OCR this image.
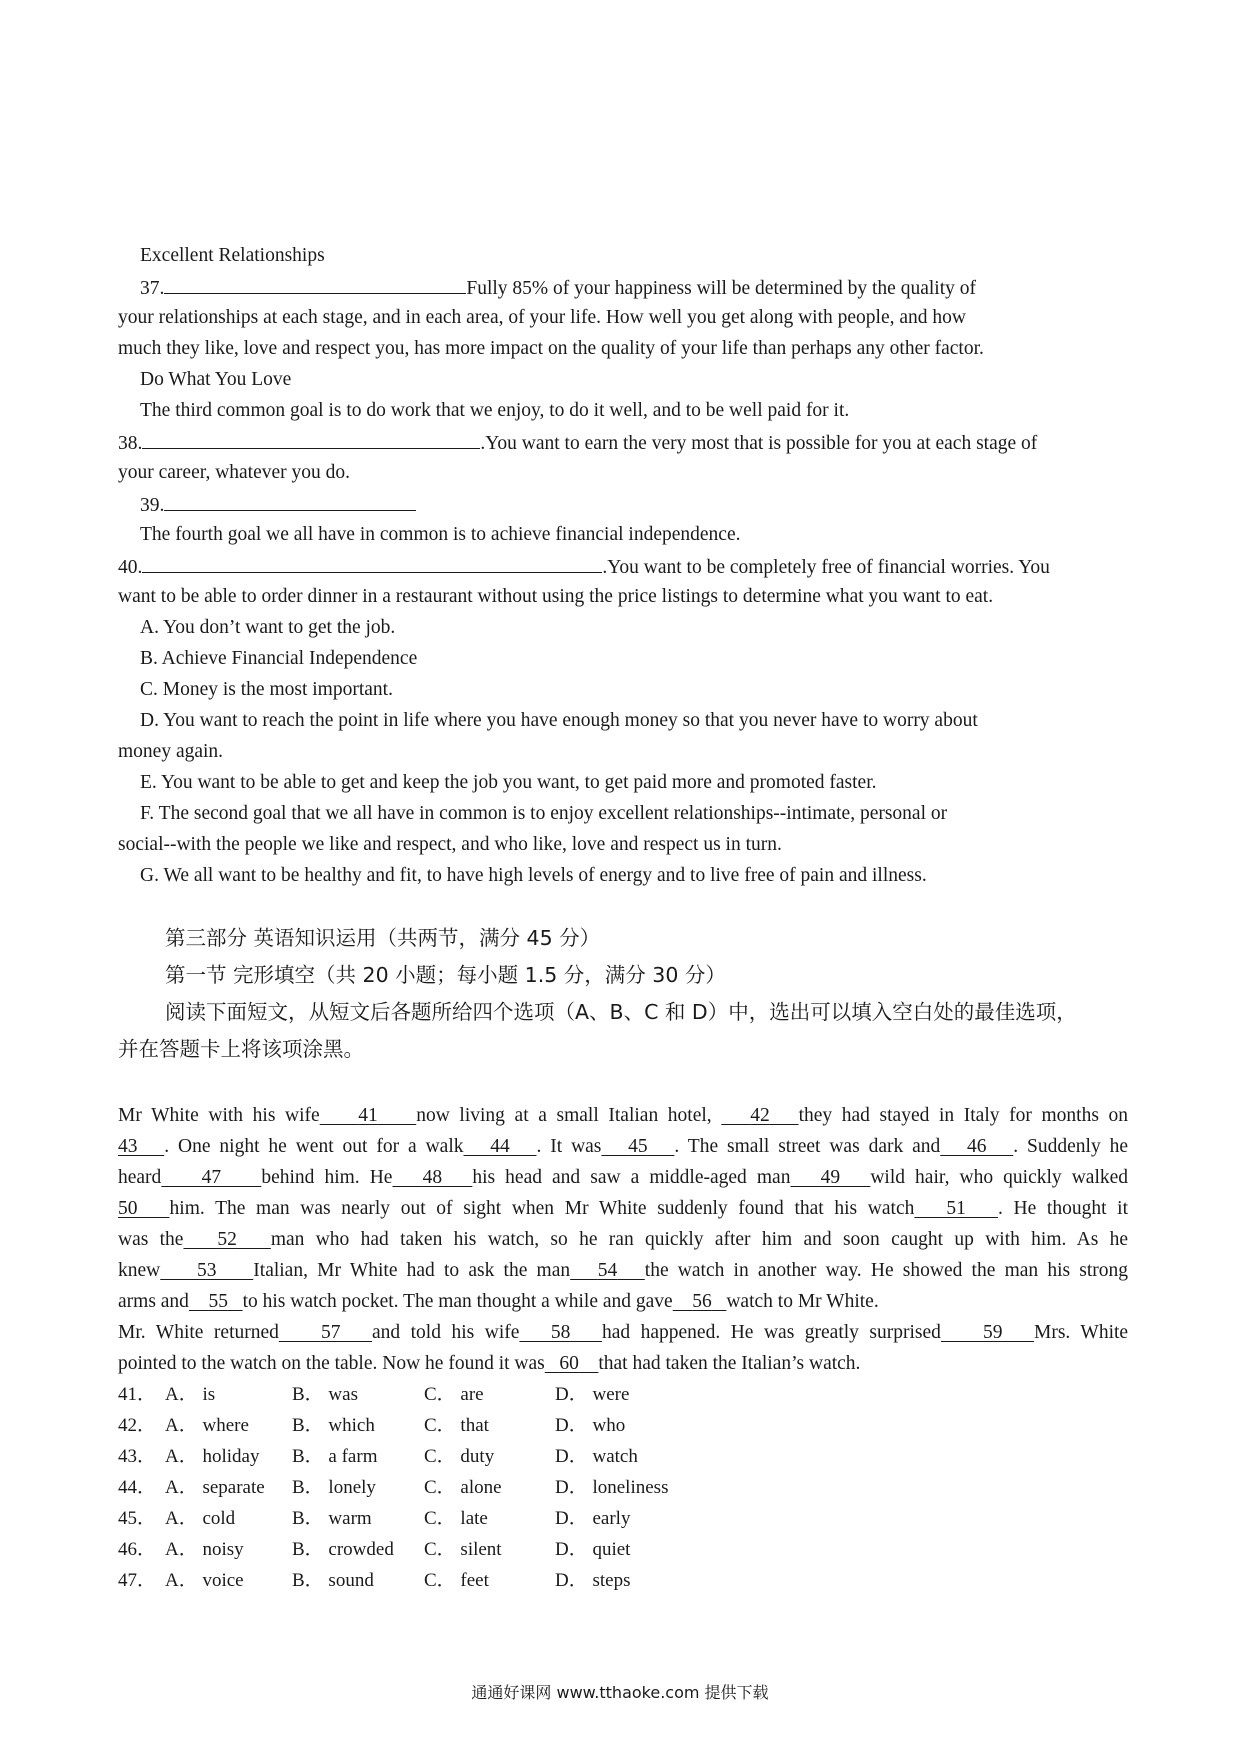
Excellent Relationships
37.	Fully 85% of your happiness will be determined by the quality of
your relationships at each stage, and in each area, of your life. How well you get along with people, and how
much they like, love and respect you, has more impact on the quality of your life than perhaps any other factor.
Do What You Love
The third common goal is to do work that we enjoy, to do it well, and to be well paid for it.
38.	.You want to earn the very most that is possible for you at each stage of
your career, whatever you do.
39.
The fourth goal we all have in common is to achieve financial independence.
40.	.You want to be completely free of financial worries. You
want to be able to order dinner in a restaurant without using the price listings to determine what you want to eat.
A. You don’t want to get the job.
B. Achieve Financial Independence
C. Money is the most important.
D. You want to reach the point in life where you have enough money so that you never have to worry about
money again.
E. You want to be able to get and keep the job you want, to get paid more and promoted faster.
F. The second goal that we all have in common is to enjoy excellent relationships--intimate, personal or
social--with the people we like and respect, and who like, love and respect us in turn.
G. We all want to be healthy and fit, to have high levels of energy and to live free of pain and illness.
第三部分 英语知识运用（共两节，满分 45 分）
第一节 完形填空（共 20 小题；每小题 1.5 分，满分 30 分）
阅读下面短文，从短文后各题所给四个选项（A、B、C 和 D）中，选出可以填入空白处的最佳选项，
并在答题卡上将该项涂黑。
Mr White with his wife 41 now living at a small Italian hotel, 42 they had stayed in Italy for months on
43 . One night he went out for a walk 44 . It was 45 . The small street was dark and 46 . Suddenly he
heard 47 behind him. He 48 his head and saw a middle-aged man 49 wild hair, who quickly walked
50 him. The man was nearly out of sight when Mr White suddenly found that his watch 51 . He thought it
was the 52 man who had taken his watch, so he ran quickly after him and soon caught up with him. As he
knew 53 Italian, Mr White had to ask the man 54 the watch in another way. He showed the man his strong
arms and 55 to his watch pocket. The man thought a while and gave 56 watch to Mr White.
Mr. White returned 57 and told his wife 58 had happened. He was greatly surprised 59 Mrs. White
pointed to the watch on the table. Now he found it was 60 that had taken the Italian’s watch.
41． A． is	B． was	C． are	D． were
42． A． where B． which	C． that	D． who
43． A． holiday B． a farm C． duty	D． watch
44． A． separate B． lonely	C． alone	D． loneliness
45． A． cold	B． warm	C． late	D． early
46． A． noisy	B． crowded C． silent	D． quiet
47． A． voice	B． sound	C． feet	D． steps
通通好课网 www.tthaoke.com 提供下载
